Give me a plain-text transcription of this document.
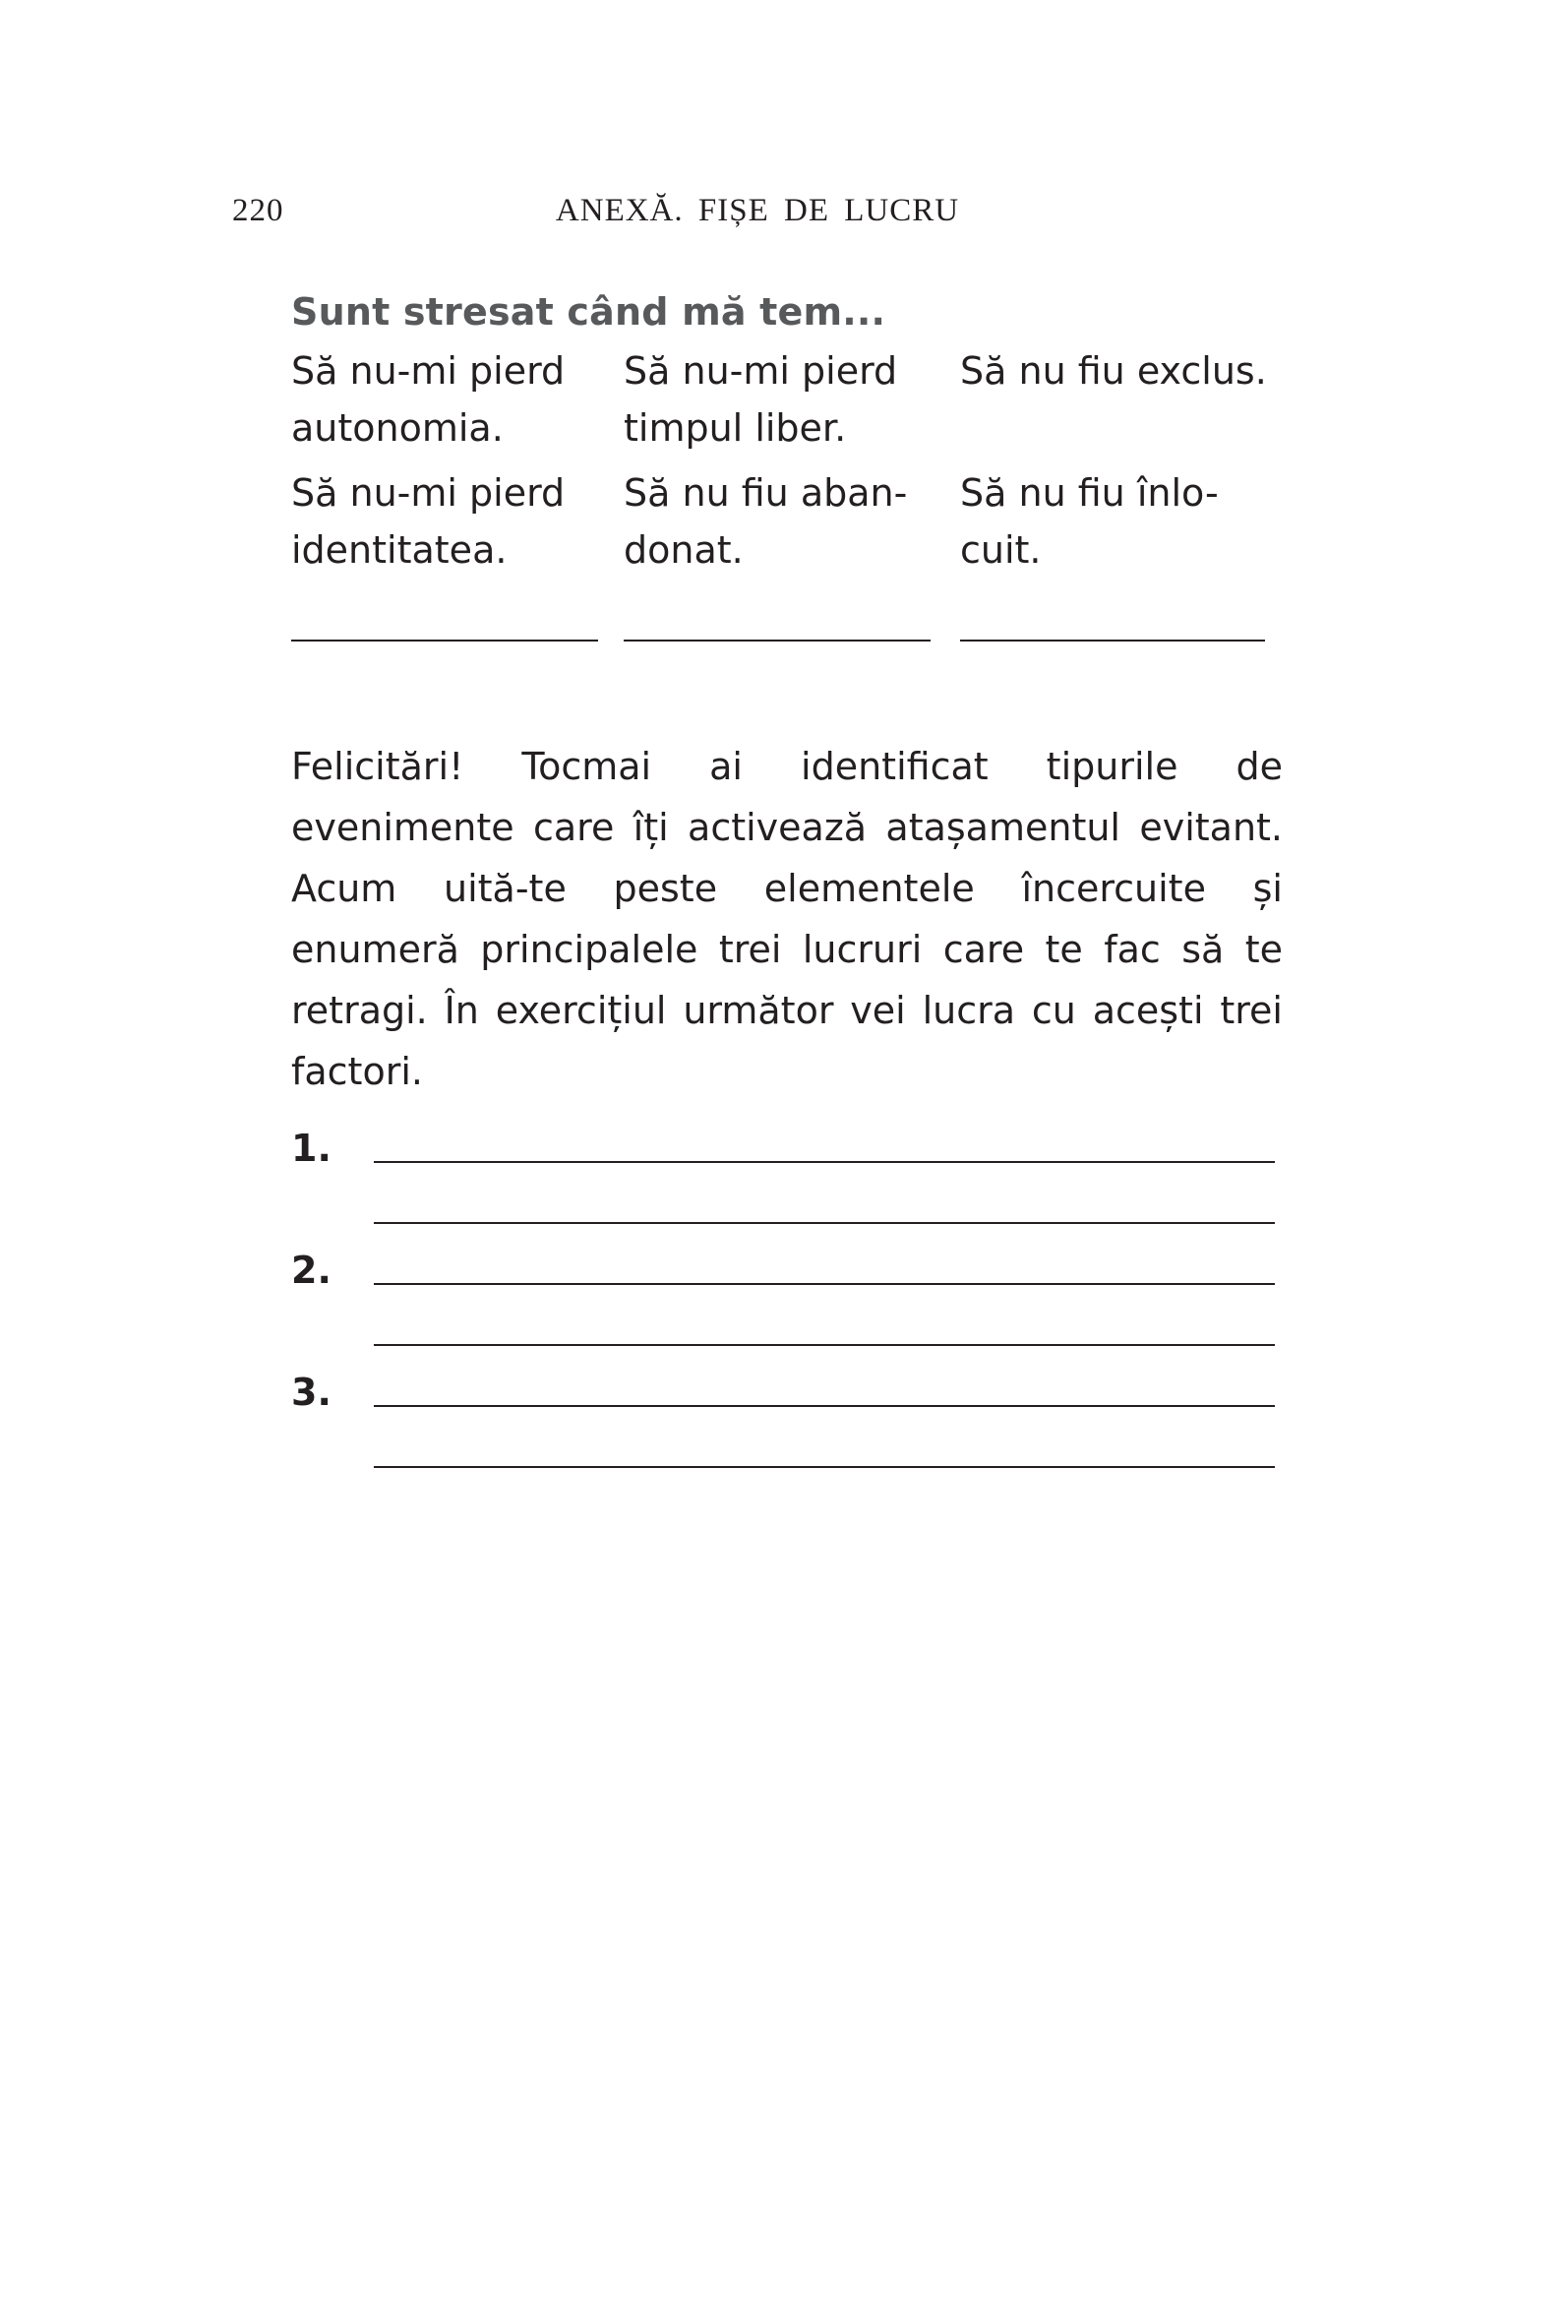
220	ANEXĂ. FIȘE DE LUCRU
Sunt stresat când mă tem...
Să nu-mi pierd
autonomia.
Să nu-mi pierd
timpul liber.
Să nu fiu exclus.
Să nu-mi pierd
identitatea.
Să nu fiu aban-
donat.
Să nu fiu înlo-
cuit.

Felicitări! Tocmai ai identificat tipurile de evenimente care îți activează atașamentul evitant. Acum uită-te peste elementele încercuite și enumeră principalele trei lucruri care te fac să te retragi. În exercițiul următor vei lucra cu acești trei factori.

1.
2.
3.
